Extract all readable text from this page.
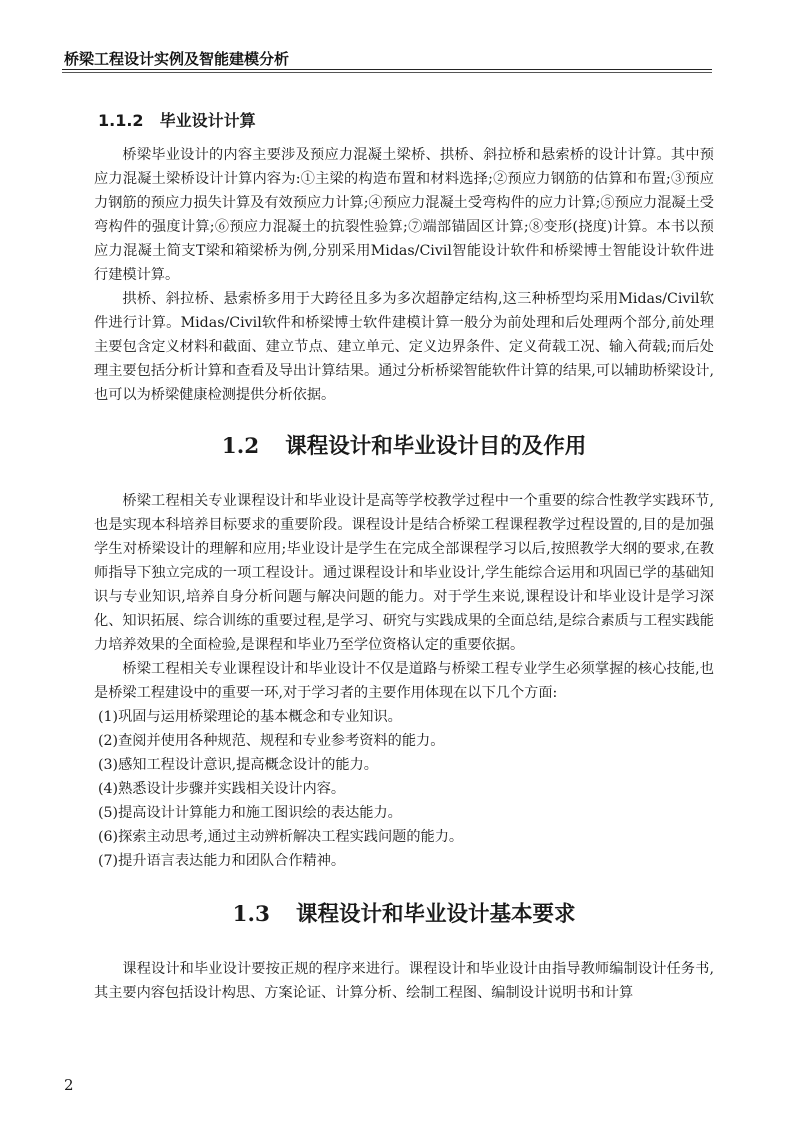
桥梁工程设计实例及智能建模分析
1.1.2 毕业设计计算

桥梁毕业设计的内容主要涉及预应力混凝土梁桥、拱桥、斜拉桥和悬索桥的设计计算。其中预应力混凝土梁桥设计计算内容为:①主梁的构造布置和材料选择;②预应力钢筋的估算和布置;③预应力钢筋的预应力损失计算及有效预应力计算;④预应力混凝土受弯构件的应力计算;⑤预应力混凝土受弯构件的强度计算;⑥预应力混凝土的抗裂性验算;⑦端部锚固区计算;⑧变形(挠度)计算。本书以预应力混凝土简支T梁和箱梁桥为例,分别采用Midas/Civil智能设计软件和桥梁博士智能设计软件进行建模计算。

拱桥、斜拉桥、悬索桥多用于大跨径且多为多次超静定结构,这三种桥型均采用Midas/Civil软件进行计算。Midas/Civil软件和桥梁博士软件建模计算一般分为前处理和后处理两个部分,前处理主要包含定义材料和截面、建立节点、建立单元、定义边界条件、定义荷载工况、输入荷载;而后处理主要包括分析计算和查看及导出计算结果。通过分析桥梁智能软件计算的结果,可以辅助桥梁设计,也可以为桥梁健康检测提供分析依据。

1.2 课程设计和毕业设计目的及作用

桥梁工程相关专业课程设计和毕业设计是高等学校教学过程中一个重要的综合性教学实践环节,也是实现本科培养目标要求的重要阶段。课程设计是结合桥梁工程课程教学过程设置的,目的是加强学生对桥梁设计的理解和应用;毕业设计是学生在完成全部课程学习以后,按照教学大纲的要求,在教师指导下独立完成的一项工程设计。通过课程设计和毕业设计,学生能综合运用和巩固已学的基础知识与专业知识,培养自身分析问题与解决问题的能力。对于学生来说,课程设计和毕业设计是学习深化、知识拓展、综合训练的重要过程,是学习、研究与实践成果的全面总结,是综合素质与工程实践能力培养效果的全面检验,是课程和毕业乃至学位资格认定的重要依据。

桥梁工程相关专业课程设计和毕业设计不仅是道路与桥梁工程专业学生必须掌握的核心技能,也是桥梁工程建设中的重要一环,对于学习者的主要作用体现在以下几个方面:

(1)巩固与运用桥梁理论的基本概念和专业知识。
(2)查阅并使用各种规范、规程和专业参考资料的能力。
(3)感知工程设计意识,提高概念设计的能力。
(4)熟悉设计步骤并实践相关设计内容。
(5)提高设计计算能力和施工图识绘的表达能力。
(6)探索主动思考,通过主动辨析解决工程实践问题的能力。
(7)提升语言表达能力和团队合作精神。
1.3 课程设计和毕业设计基本要求

课程设计和毕业设计要按正规的程序来进行。课程设计和毕业设计由指导教师编制设计任务书,其主要内容包括设计构思、方案论证、计算分析、绘制工程图、编制设计说明书和计算

2
